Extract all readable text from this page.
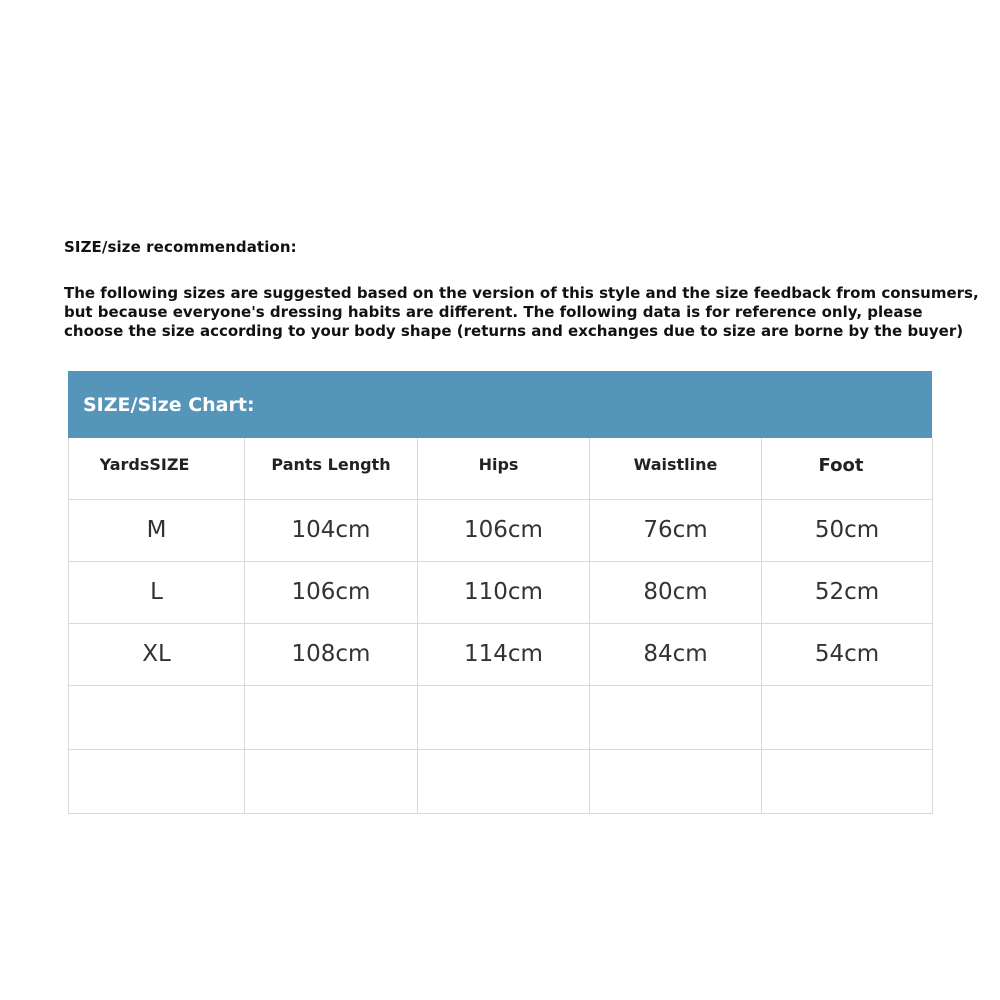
SIZE/size recommendation:
The following sizes are suggested based on the version of this style and the size feedback from consumers,
but because everyone's dressing habits are different. The following data is for reference only, please
choose the size according to your body shape (returns and exchanges due to size are borne by the buyer)
SIZE/Size Chart:
YardsSIZE	Pants Length	Hips	Waistline	Foot
M	104cm	106cm	76cm	50cm
L	106cm	110cm	80cm	52cm
XL	108cm	114cm	84cm	54cm
